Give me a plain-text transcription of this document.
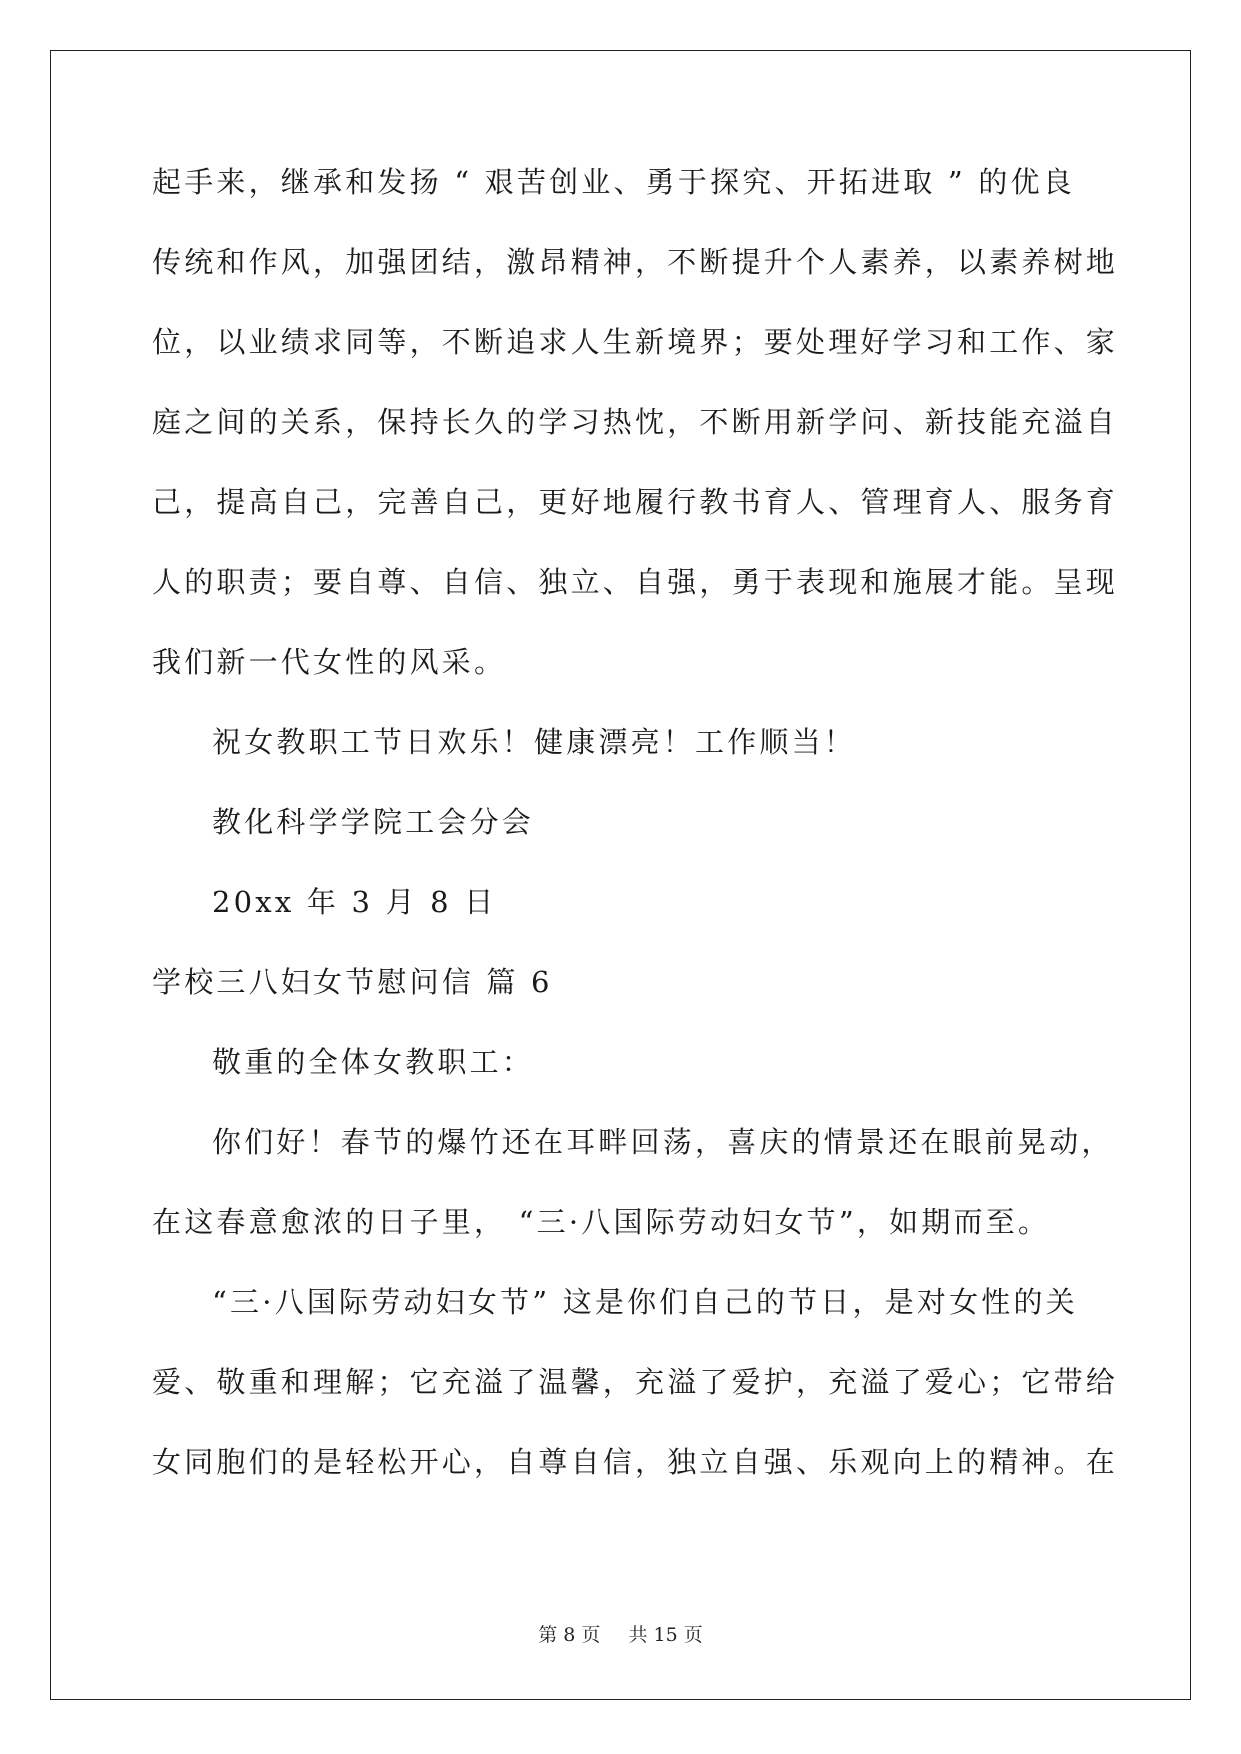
起手来，继承和发扬 “ 艰苦创业、勇于探究、开拓进取 ” 的优良
传统和作风，加强团结，激昂精神，不断提升个人素养，以素养树地
位，以业绩求同等，不断追求人生新境界；要处理好学习和工作、家
庭之间的关系，保持长久的学习热忱，不断用新学问、新技能充溢自
己，提高自己，完善自己，更好地履行教书育人、管理育人、服务育
人的职责；要自尊、自信、独立、自强，勇于表现和施展才能。呈现
我们新一代女性的风采。
祝女教职工节日欢乐！健康漂亮！工作顺当！
教化科学学院工会分会
20xx 年 3 月 8 日
学校三八妇女节慰问信 篇 6
敬重的全体女教职工：
你们好！春节的爆竹还在耳畔回荡，喜庆的情景还在眼前晃动，
在这春意愈浓的日子里， “三·八国际劳动妇女节”，如期而至。
“三·八国际劳动妇女节” 这是你们自己的节日，是对女性的关
爱、敬重和理解；它充溢了温馨，充溢了爱护，充溢了爱心；它带给
女同胞们的是轻松开心，自尊自信，独立自强、乐观向上的精神。在
第 8 页 共 15 页
